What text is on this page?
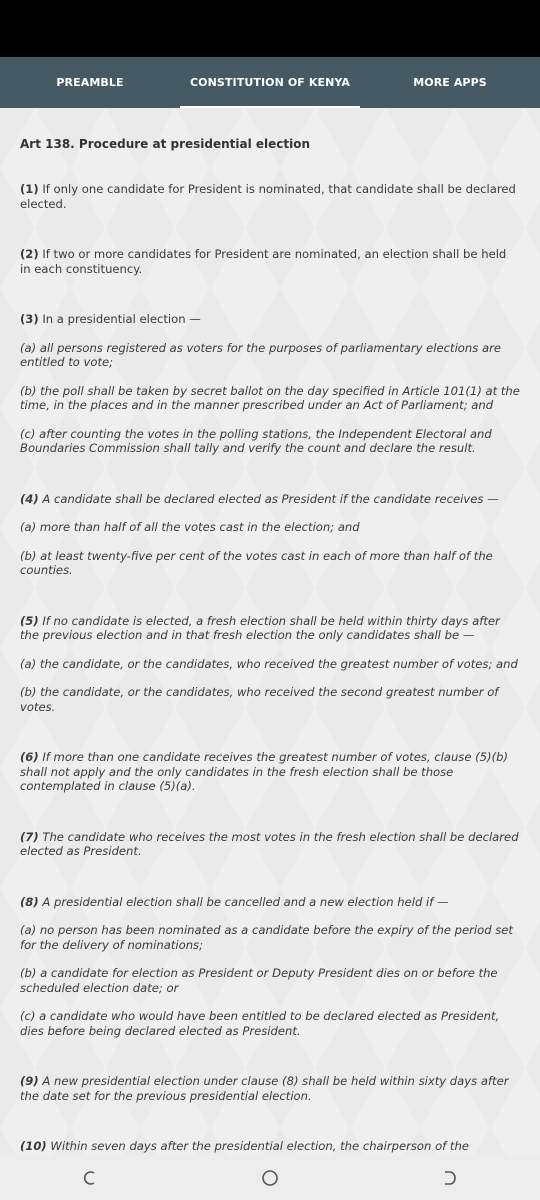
PREAMBLE	CONSTITUTION OF KENYA	MORE APPS
Art 138. Procedure at presidential election

(1) If only one candidate for President is nominated, that candidate shall be declared elected.

(2) If two or more candidates for President are nominated, an election shall be held in each constituency.

(3) In a presidential election —

(a) all persons registered as voters for the purposes of parliamentary elections are entitled to vote;

(b) the poll shall be taken by secret ballot on the day specified in Article 101(1) at the time, in the places and in the manner prescribed under an Act of Parliament; and

(c) after counting the votes in the polling stations, the Independent Electoral and Boundaries Commission shall tally and verify the count and declare the result.

(4) A candidate shall be declared elected as President if the candidate receives —

(a) more than half of all the votes cast in the election; and

(b) at least twenty-five per cent of the votes cast in each of more than half of the counties.

(5) If no candidate is elected, a fresh election shall be held within thirty days after the previous election and in that fresh election the only candidates shall be —

(a) the candidate, or the candidates, who received the greatest number of votes; and

(b) the candidate, or the candidates, who received the second greatest number of votes.

(6) If more than one candidate receives the greatest number of votes, clause (5)(b) shall not apply and the only candidates in the fresh election shall be those contemplated in clause (5)(a).

(7) The candidate who receives the most votes in the fresh election shall be declared elected as President.

(8) A presidential election shall be cancelled and a new election held if —

(a) no person has been nominated as a candidate before the expiry of the period set for the delivery of nominations;

(b) a candidate for election as President or Deputy President dies on or before the scheduled election date; or

(c) a candidate who would have been entitled to be declared elected as President, dies before being declared elected as President.

(9) A new presidential election under clause (8) shall be held within sixty days after the date set for the previous presidential election.

(10) Within seven days after the presidential election, the chairperson of the
